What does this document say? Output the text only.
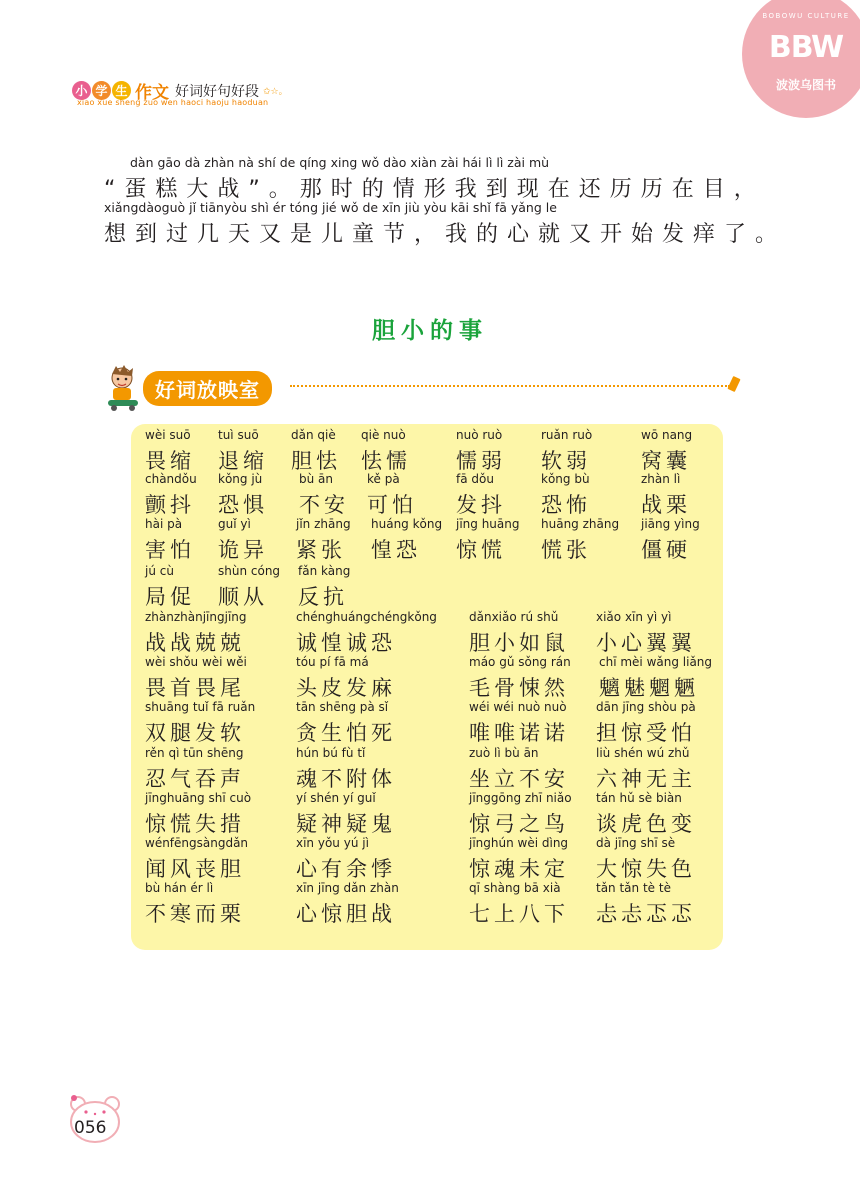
小 学 生 作文 好词好句好段 ✩☆。
xiao xue sheng zuo wen haoci haoju haoduan
BOBOWU CULTURE
BBW
波波乌图书
dàn gāo dà zhàn nà shí de qíng xing wǒ dào xiàn zài hái lì lì zài mù
“蛋糕大战”。那时的情形我到现在还历历在目，
xiǎngdàoguò jǐ tiānyòu shì ér tóng jié wǒ de xīn jiù yòu kāi shǐ fā yǎng le
想到过几天又是儿童节，我的心就又开始发痒了。
胆小的事
好词放映室
wèi suō
畏缩
tuì suō
退缩
dǎn qiè
胆怯
qiè nuò
怯懦
nuò ruò
懦弱
ruǎn ruò
软弱
wō nang
窝囊
chàndǒu
颤抖
kǒng jù
恐惧
bù ān
不安
kě pà
可怕
fā dǒu
发抖
kǒng bù
恐怖
zhàn lì
战栗
hài pà
害怕
guǐ yì
诡异
jǐn zhāng
紧张
huáng kǒng
惶恐
jīng huāng
惊慌
huāng zhāng
慌张
jiāng yìng
僵硬
jú cù
局促
shùn cóng
顺从
fǎn kàng
反抗
zhànzhànjīngjīng
战战兢兢
chénghuángchéngkǒng
诚惶诚恐
dǎnxiǎo rú shǔ
胆小如鼠
xiǎo xīn yì yì
小心翼翼
wèi shǒu wèi wěi
畏首畏尾
tóu pí fā má
头皮发麻
máo gǔ sǒng rán
毛骨悚然
chī mèi wǎng liǎng
魑魅魍魉
shuāng tuǐ fā ruǎn
双腿发软
tān shēng pà sǐ
贪生怕死
wéi wéi nuò nuò
唯唯诺诺
dān jīng shòu pà
担惊受怕
rěn qì tūn shēng
忍气吞声
hún bú fù tǐ
魂不附体
zuò lì bù ān
坐立不安
liù shén wú zhǔ
六神无主
jīnghuāng shī cuò
惊慌失措
yí shén yí guǐ
疑神疑鬼
jīnggōng zhī niǎo
惊弓之鸟
tán hǔ sè biàn
谈虎色变
wénfēngsàngdǎn
闻风丧胆
xīn yǒu yú jì
心有余悸
jīnghún wèi dìng
惊魂未定
dà jīng shī sè
大惊失色
bù hán ér lì
不寒而栗
xīn jīng dǎn zhàn
心惊胆战
qī shàng bā xià
七上八下
tǎn tǎn tè tè
忐忐忑忑
056
